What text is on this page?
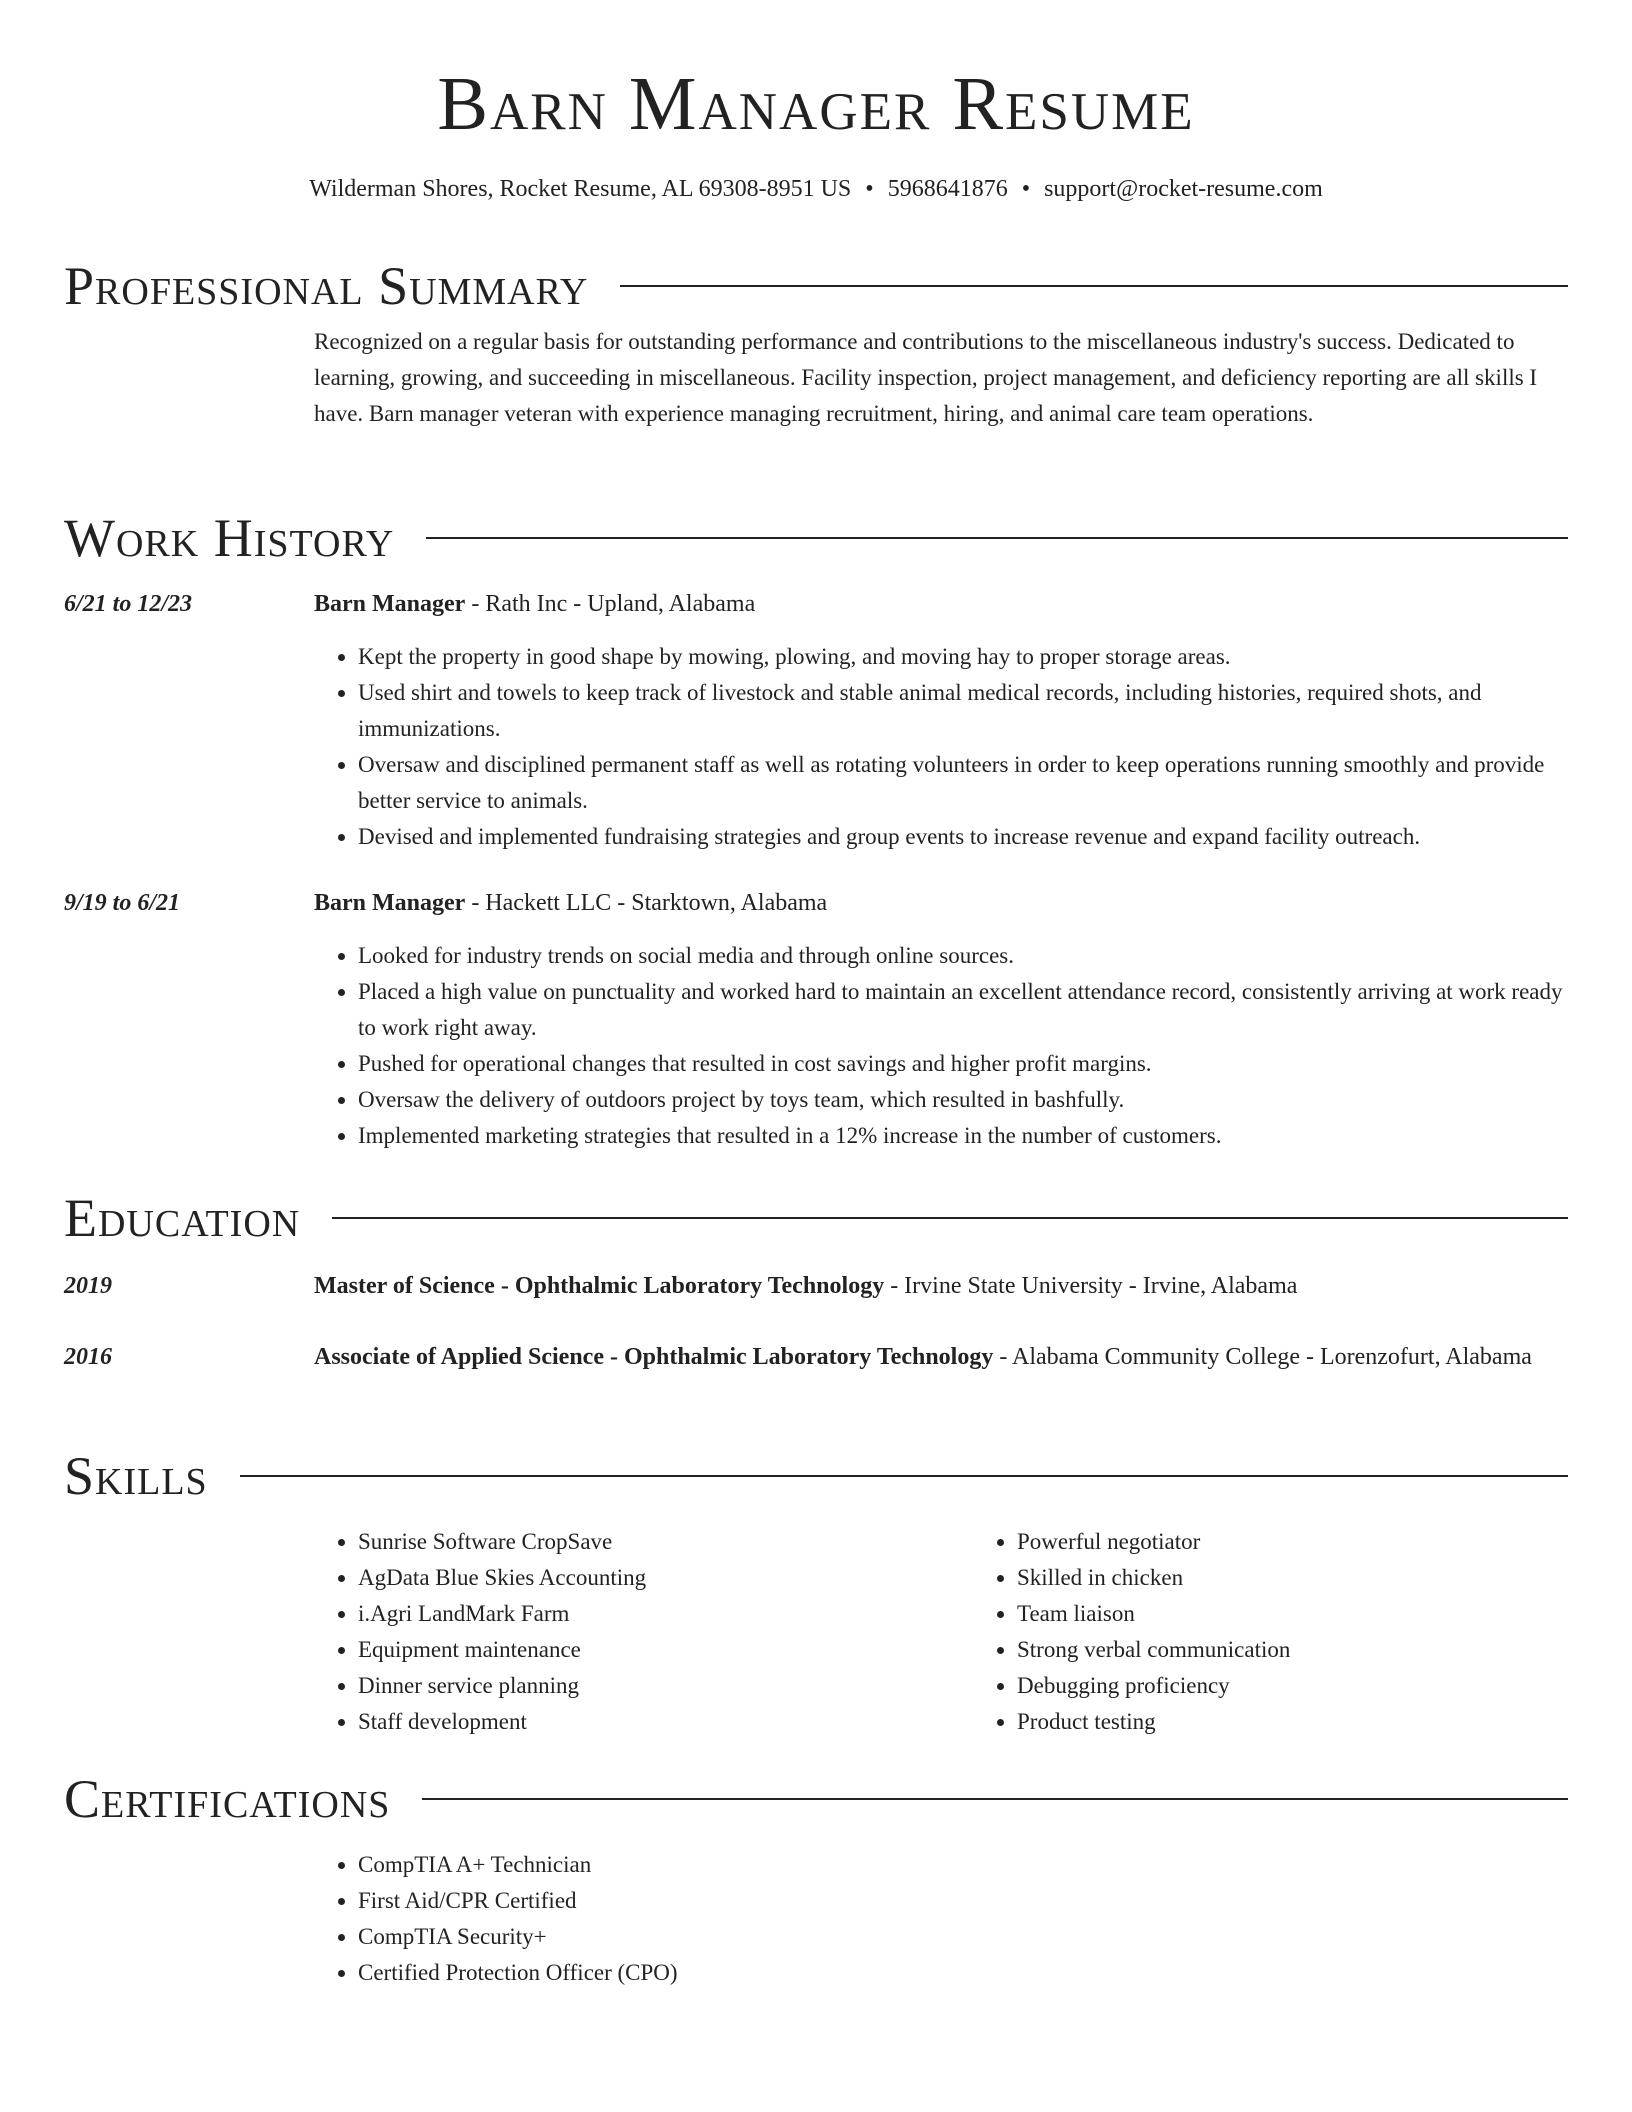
Barn Manager Resume
Wilderman Shores, Rocket Resume, AL 69308-8951 US • 5968641876 • support@rocket-resume.com
Professional Summary
Recognized on a regular basis for outstanding performance and contributions to the miscellaneous industry's success. Dedicated to learning, growing, and succeeding in miscellaneous. Facility inspection, project management, and deficiency reporting are all skills I have. Barn manager veteran with experience managing recruitment, hiring, and animal care team operations.
Work History
6/21 to 12/23	Barn Manager - Rath Inc - Upland, Alabama
• Kept the property in good shape by mowing, plowing, and moving hay to proper storage areas.
• Used shirt and towels to keep track of livestock and stable animal medical records, including histories, required shots, and immunizations.
• Oversaw and disciplined permanent staff as well as rotating volunteers in order to keep operations running smoothly and provide better service to animals.
• Devised and implemented fundraising strategies and group events to increase revenue and expand facility outreach.
9/19 to 6/21	Barn Manager - Hackett LLC - Starktown, Alabama
• Looked for industry trends on social media and through online sources.
• Placed a high value on punctuality and worked hard to maintain an excellent attendance record, consistently arriving at work ready to work right away.
• Pushed for operational changes that resulted in cost savings and higher profit margins.
• Oversaw the delivery of outdoors project by toys team, which resulted in bashfully.
• Implemented marketing strategies that resulted in a 12% increase in the number of customers.
Education
2019	Master of Science - Ophthalmic Laboratory Technology - Irvine State University - Irvine, Alabama
2016	Associate of Applied Science - Ophthalmic Laboratory Technology - Alabama Community College - Lorenzofurt, Alabama
Skills
• Sunrise Software CropSave
• AgData Blue Skies Accounting
• i.Agri LandMark Farm
• Equipment maintenance
• Dinner service planning
• Staff development
• Powerful negotiator
• Skilled in chicken
• Team liaison
• Strong verbal communication
• Debugging proficiency
• Product testing
Certifications
• CompTIA A+ Technician
• First Aid/CPR Certified
• CompTIA Security+
• Certified Protection Officer (CPO)
